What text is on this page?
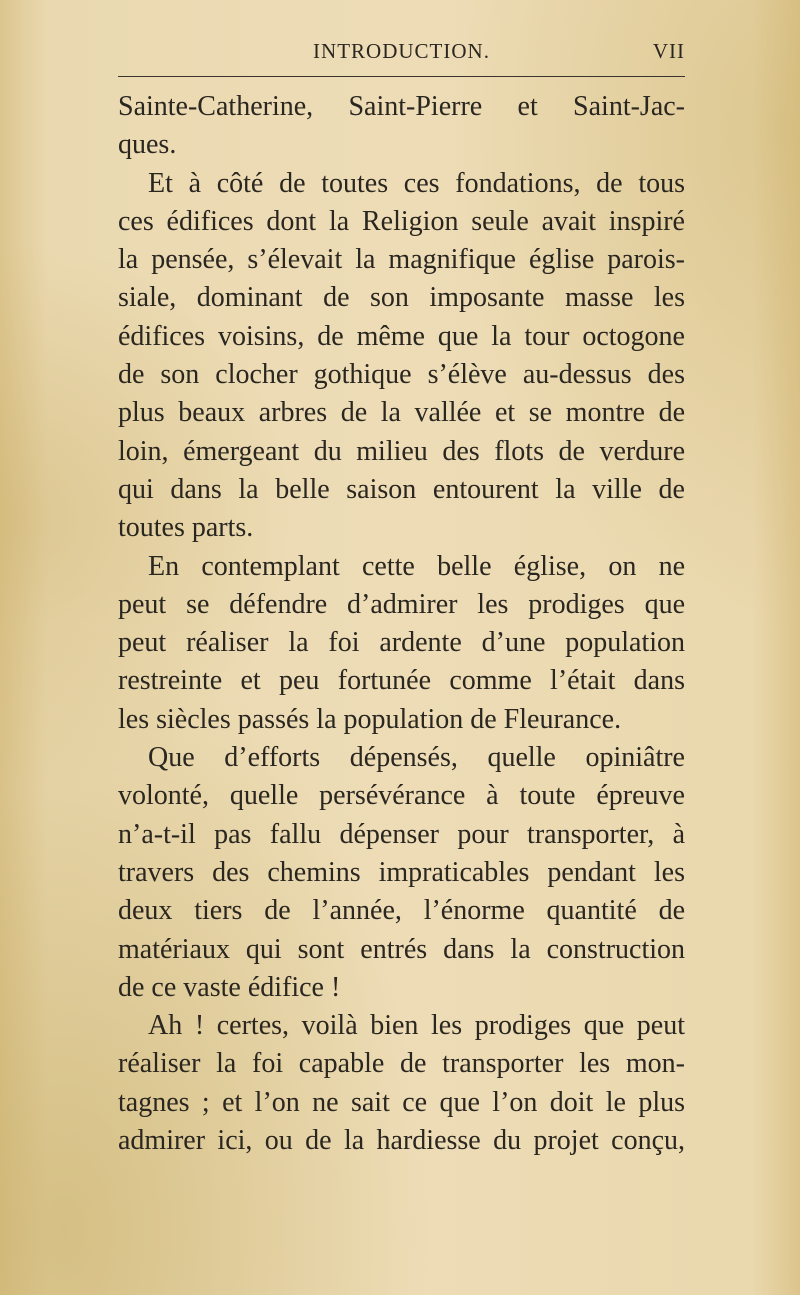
INTRODUCTION.	VII
Sainte-Catherine, Saint-Pierre et Saint-Jac-
ques.
Et à côté de toutes ces fondations, de tous
ces édifices dont la Religion seule avait inspiré
la pensée, s’élevait la magnifique église parois-
siale, dominant de son imposante masse les
édifices voisins, de même que la tour octogone
de son clocher gothique s’élève au-dessus des
plus beaux arbres de la vallée et se montre de
loin, émergeant du milieu des flots de verdure
qui dans la belle saison entourent la ville de
toutes parts.
En contemplant cette belle église, on ne
peut se défendre d’admirer les prodiges que
peut réaliser la foi ardente d’une population
restreinte et peu fortunée comme l’était dans
les siècles passés la population de Fleurance.
Que d’efforts dépensés, quelle opiniâtre
volonté, quelle persévérance à toute épreuve
n’a-t-il pas fallu dépenser pour transporter, à
travers des chemins impraticables pendant les
deux tiers de l’année, l’énorme quantité de
matériaux qui sont entrés dans la construction
de ce vaste édifice !
Ah ! certes, voilà bien les prodiges que peut
réaliser la foi capable de transporter les mon-
tagnes ; et l’on ne sait ce que l’on doit le plus
admirer ici, ou de la hardiesse du projet conçu,
